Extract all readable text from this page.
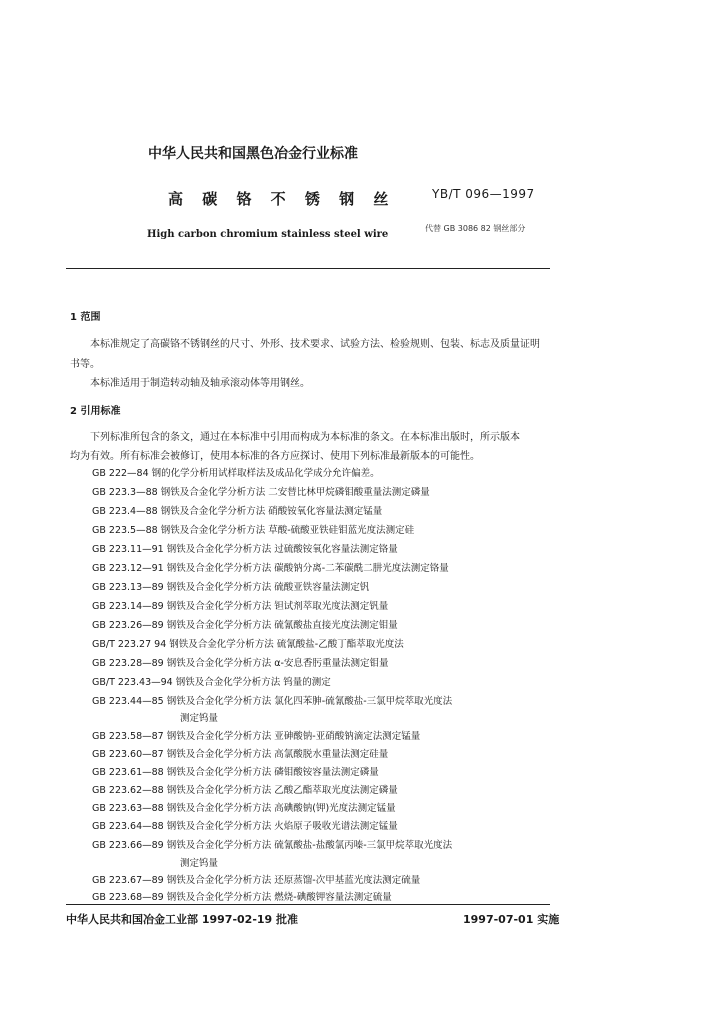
中华人民共和国黑色冶金行业标准
高 碳 铬 不 锈 钢 丝	YB/T 096—1997
High carbon chromium stainless steel wire
代替 GB 3086 82 钢丝部分
1 范围
本标准规定了高碳铬不锈钢丝的尺寸、外形、技术要求、试验方法、检验规则、包装、标志及质量证明
书等。
本标准适用于制造转动轴及轴承滚动体等用钢丝。
2 引用标准
下列标准所包含的条文，通过在本标准中引用而构成为本标准的条文。在本标准出版时，所示版本
均为有效。所有标准会被修订，使用本标准的各方应探讨、使用下列标准最新版本的可能性。
GB 222—84 钢的化学分析用试样取样法及成品化学成分允许偏差。
GB 223.3—88 钢铁及合金化学分析方法 二安替比林甲烷磷钼酸重量法测定磷量
GB 223.4—88 钢铁及合金化学分析方法 硝酸铵氧化容量法测定锰量
GB 223.5—88 钢铁及合金化学分析方法 草酸-硫酸亚铁硅钼蓝光度法测定硅
GB 223.11—91 钢铁及合金化学分析方法 过硫酸铵氧化容量法测定铬量
GB 223.12—91 钢铁及合金化学分析方法 碳酸钠分离-二苯碳酰二肼光度法测定铬量
GB 223.13—89 钢铁及合金化学分析方法 硫酸亚铁容量法测定钒
GB 223.14—89 钢铁及合金化学分析方法 钽试剂萃取光度法测定钒量
GB 223.26—89 钢铁及合金化学分析方法 硫氰酸盐直接光度法测定钼量
GB/T 223.27 94 钢铁及合金化学分析方法 硫氰酸盐-乙酸丁酯萃取光度法
GB 223.28—89 钢铁及合金化学分析方法 α-安息香肟重量法测定钼量
GB/T 223.43—94 钢铁及合金化学分析方法 钨量的测定
GB 223.44—85 钢铁及合金化学分析方法 氯化四苯胂-硫氰酸盐-三氯甲烷萃取光度法
测定钨量
GB 223.58—87 钢铁及合金化学分析方法 亚砷酸钠-亚硝酸钠滴定法测定锰量
GB 223.60—87 钢铁及合金化学分析方法 高氯酸脱水重量法测定硅量
GB 223.61—88 钢铁及合金化学分析方法 磷钼酸铵容量法测定磷量
GB 223.62—88 钢铁及合金化学分析方法 乙酸乙酯萃取光度法测定磷量
GB 223.63—88 钢铁及合金化学分析方法 高碘酸钠(钾)光度法测定锰量
GB 223.64—88 钢铁及合金化学分析方法 火焰原子吸收光谱法测定锰量
GB 223.66—89 钢铁及合金化学分析方法 硫氰酸盐-盐酸氯丙嗪-三氯甲烷萃取光度法
测定钨量
GB 223.67—89 钢铁及合金化学分析方法 还原蒸馏-次甲基蓝光度法测定硫量
GB 223.68—89 钢铁及合金化学分析方法 燃烧-碘酸钾容量法测定硫量
中华人民共和国冶金工业部 1997-02-19 批准	1997-07-01 实施
